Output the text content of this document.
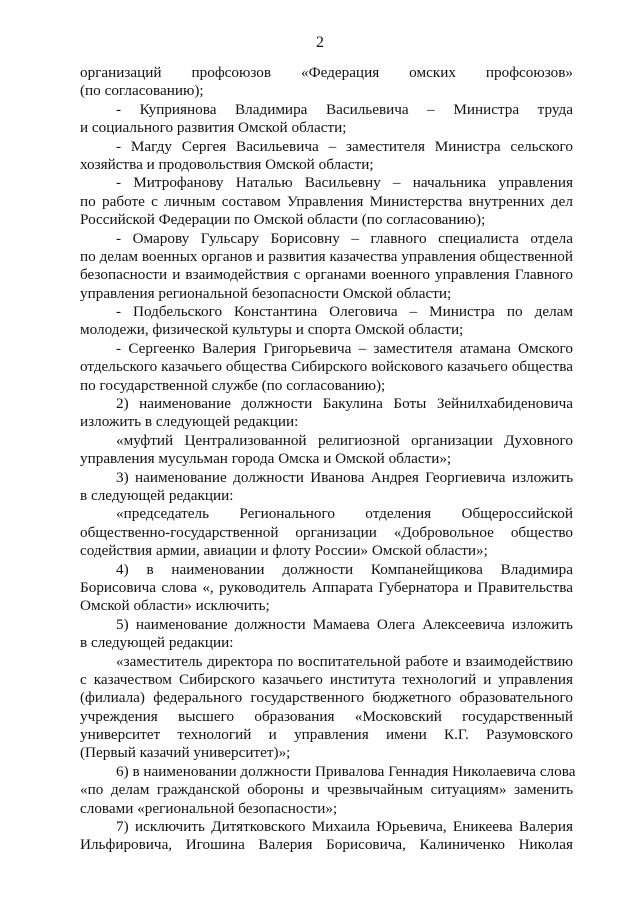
2
организаций профсоюзов «Федерация омских профсоюзов»
(по согласованию);
- Куприянова Владимира Васильевича – Министра труда
и социального развития Омской области;
- Магду Сергея Васильевича – заместителя Министра сельского
хозяйства и продовольствия Омской области;
- Митрофанову Наталью Васильевну – начальника управления
по работе с личным составом Управления Министерства внутренних дел
Российской Федерации по Омской области (по согласованию);
- Омарову Гульсару Борисовну – главного специалиста отдела
по делам военных органов и развития казачества управления общественной
безопасности и взаимодействия с органами военного управления Главного
управления региональной безопасности Омской области;
- Подбельского Константина Олеговича – Министра по делам
молодежи, физической культуры и спорта Омской области;
- Сергеенко Валерия Григорьевича – заместителя атамана Омского
отдельского казачьего общества Сибирского войскового казачьего общества
по государственной службе (по согласованию);
2) наименование должности Бакулина Боты Зейнилхабиденовича
изложить в следующей редакции:
«муфтий Централизованной религиозной организации Духовного
управления мусульман города Омска и Омской области»;
3) наименование должности Иванова Андрея Георгиевича изложить
в следующей редакции:
«председатель Регионального отделения Общероссийской
общественно-государственной организации «Добровольное общество
содействия армии, авиации и флоту России» Омской области»;
4) в наименовании должности Компанейщикова Владимира
Борисовича слова «, руководитель Аппарата Губернатора и Правительства
Омской области» исключить;
5) наименование должности Мамаева Олега Алексеевича изложить
в следующей редакции:
«заместитель директора по воспитательной работе и взаимодействию
с казачеством Сибирского казачьего института технологий и управления
(филиала) федерального государственного бюджетного образовательного
учреждения высшего образования «Московский государственный
университет технологий и управления имени К.Г. Разумовского
(Первый казачий университет)»;
6) в наименовании должности Привалова Геннадия Николаевича слова
«по делам гражданской обороны и чрезвычайным ситуациям» заменить
словами «региональной безопасности»;
7) исключить Дитятковского Михаила Юрьевича, Еникеева Валерия
Ильфировича, Игошина Валерия Борисовича, Калиниченко Николая
